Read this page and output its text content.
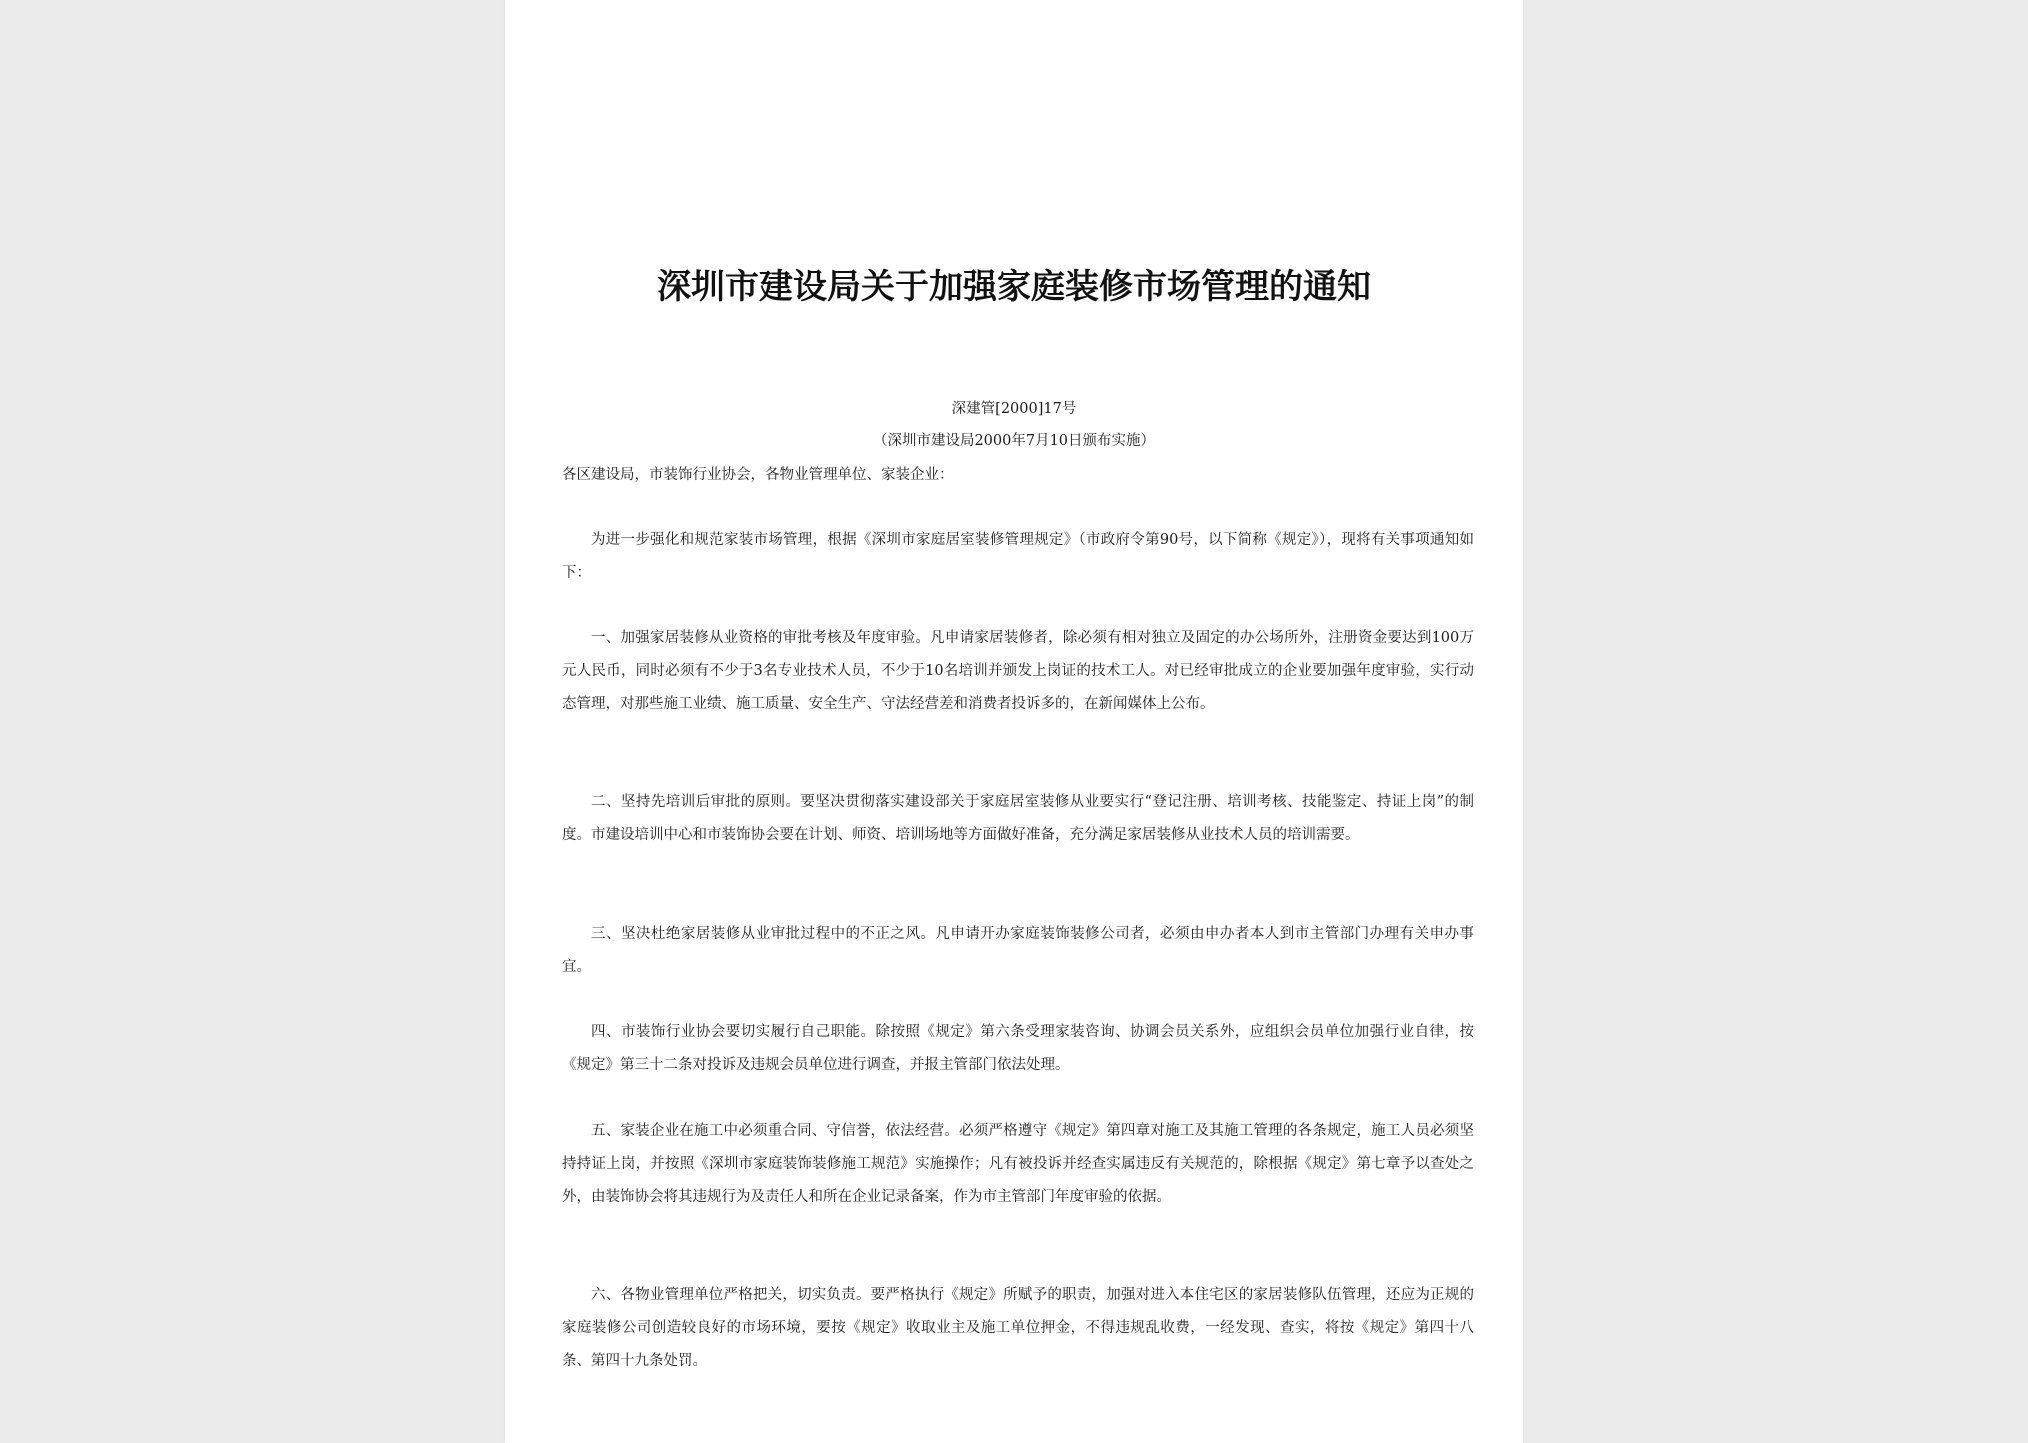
深圳市建设局关于加强家庭装修市场管理的通知
深建管[2000]17号
（深圳市建设局2000年7月10日颁布实施）
各区建设局，市装饰行业协会，各物业管理单位、家装企业：

为进一步强化和规范家装市场管理，根据《深圳市家庭居室装修管理规定》（市政府令第90号，以下简称《规定》），现将有关事项通知如下：

一、加强家居装修从业资格的审批考核及年度审验。凡申请家居装修者，除必须有相对独立及固定的办公场所外，注册资金要达到100万元人民币，同时必须有不少于3名专业技术人员，不少于10名培训并颁发上岗证的技术工人。对已经审批成立的企业要加强年度审验，实行动态管理，对那些施工业绩、施工质量、安全生产、守法经营差和消费者投诉多的，在新闻媒体上公布。

二、坚持先培训后审批的原则。要坚决贯彻落实建设部关于家庭居室装修从业要实行“登记注册、培训考核、技能鉴定、持证上岗”的制度。市建设培训中心和市装饰协会要在计划、师资、培训场地等方面做好准备，充分满足家居装修从业技术人员的培训需要。

三、坚决杜绝家居装修从业审批过程中的不正之风。凡申请开办家庭装饰装修公司者，必须由申办者本人到市主管部门办理有关申办事宜。

四、市装饰行业协会要切实履行自己职能。除按照《规定》第六条受理家装咨询、协调会员关系外，应组织会员单位加强行业自律，按《规定》第三十二条对投诉及违规会员单位进行调查，并报主管部门依法处理。

五、家装企业在施工中必须重合同、守信誉，依法经营。必须严格遵守《规定》第四章对施工及其施工管理的各条规定，施工人员必须坚持持证上岗，并按照《深圳市家庭装饰装修施工规范》实施操作；凡有被投诉并经查实属违反有关规范的，除根据《规定》第七章予以查处之外，由装饰协会将其违规行为及责任人和所在企业记录备案，作为市主管部门年度审验的依据。

六、各物业管理单位严格把关，切实负责。要严格执行《规定》所赋予的职责，加强对进入本住宅区的家居装修队伍管理，还应为正规的家庭装修公司创造较良好的市场环境，要按《规定》收取业主及施工单位押金，不得违规乱收费，一经发现、查实，将按《规定》第四十八条、第四十九条处罚。
